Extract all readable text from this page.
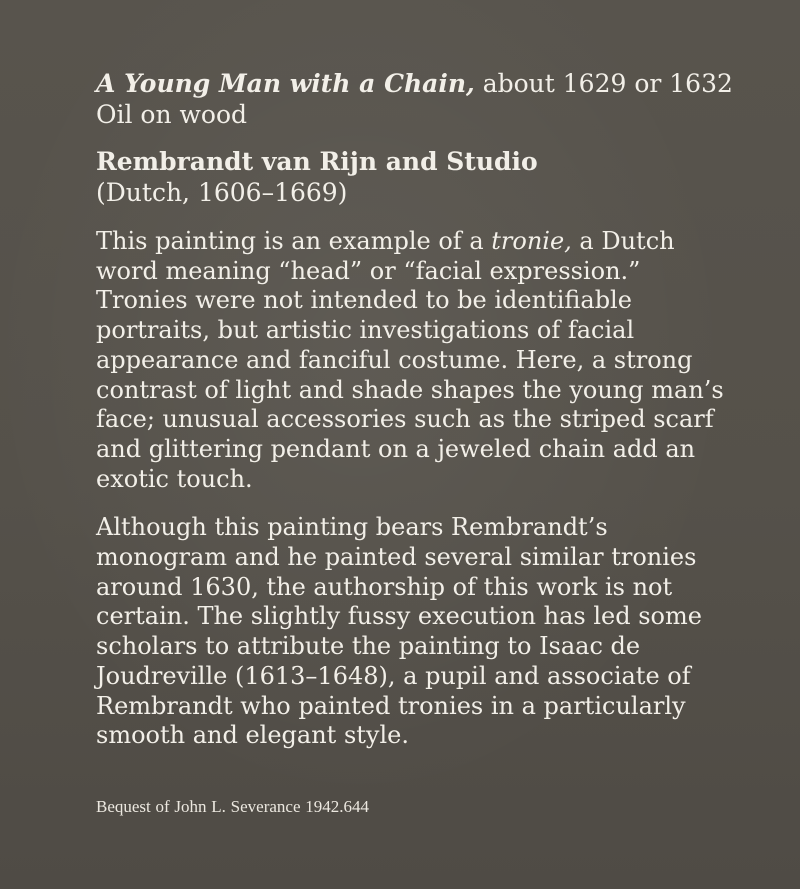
A Young Man with a Chain, about 1629 or 1632
Oil on wood
Rembrandt van Rijn and Studio
(Dutch, 1606–1669)
This painting is an example of a tronie, a Dutch
word meaning “head” or “facial expression.”
Tronies were not intended to be identifiable
portraits, but artistic investigations of facial
appearance and fanciful costume. Here, a strong
contrast of light and shade shapes the young man’s
face; unusual accessories such as the striped scarf
and glittering pendant on a jeweled chain add an
exotic touch.
Although this painting bears Rembrandt’s
monogram and he painted several similar tronies
around 1630, the authorship of this work is not
certain. The slightly fussy execution has led some
scholars to attribute the painting to Isaac de
Joudreville (1613–1648), a pupil and associate of
Rembrandt who painted tronies in a particularly
smooth and elegant style.
Bequest of John L. Severance 1942.644
